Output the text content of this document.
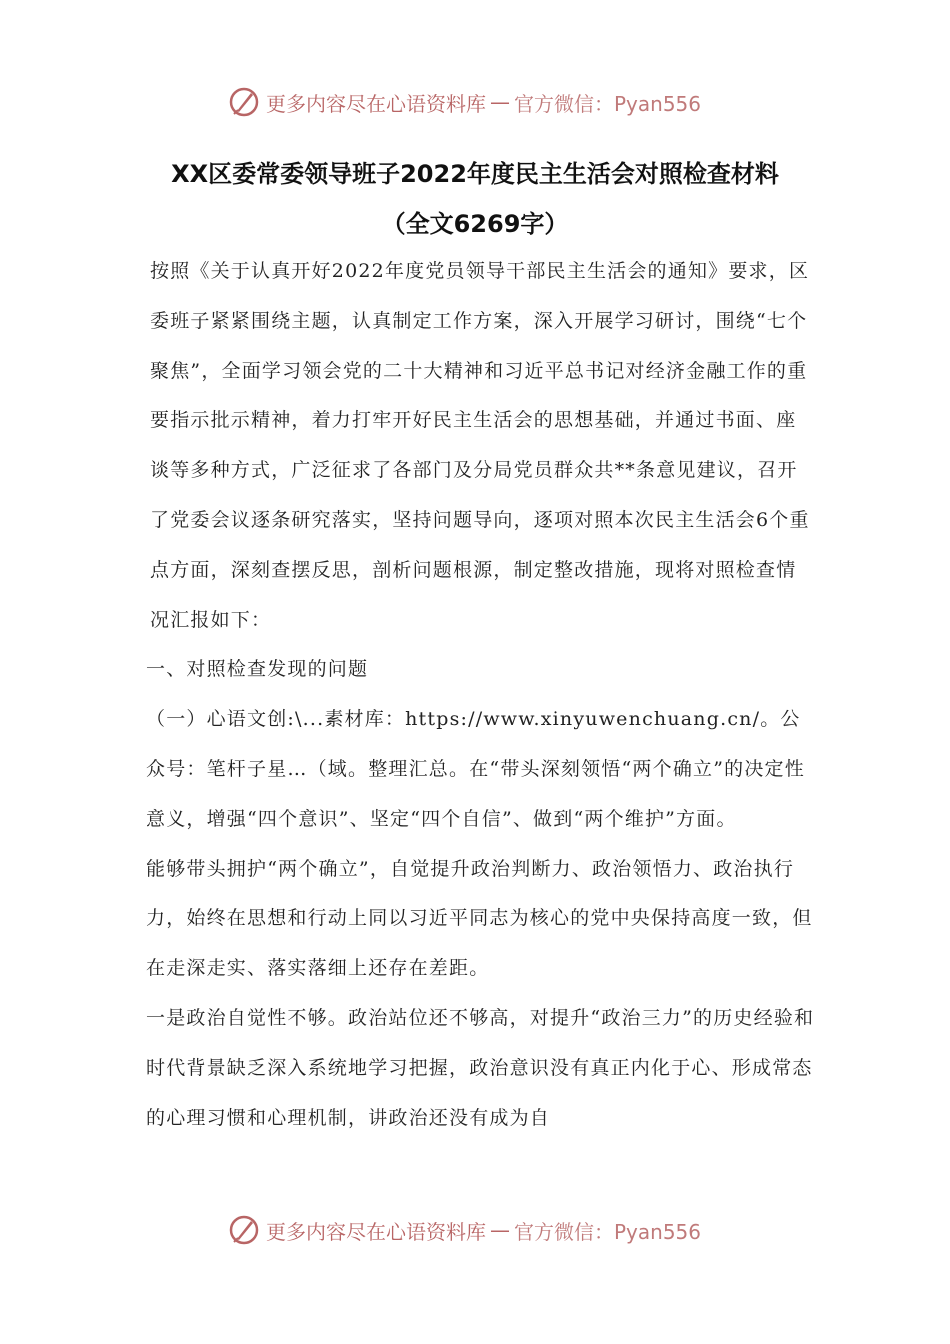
更多内容尽在心语资料库 — 官方微信：Pyan556
XX区委常委领导班子2022年度民主生活会对照检查材料
（全文6269字）

按照《关于认真开好2022年度党员领导干部民主生活会的通知》要求，区委班子紧紧围绕主题，认真制定工作方案，深入开展学习研讨，围绕“七个聚焦”，全面学习领会党的二十大精神和习近平总书记对经济金融工作的重要指示批示精神，着力打牢开好民主生活会的思想基础，并通过书面、座谈等多种方式，广泛征求了各部门及分局党员群众共**条意见建议，召开了党委会议逐条研究落实，坚持问题导向，逐项对照本次民主生活会6个重点方面，深刻查摆反思，剖析问题根源，制定整改措施，现将对照检查情况汇报如下：

一、对照检查发现的问题

（一）心语文创:\...素材库：https://www.xinyuwenchuang.cn/。公众号：笔杆子星…（域。整理汇总。在“带头深刻领悟“两个确立”的决定性意义，增强“四个意识”、坚定“四个自信”、做到“两个维护”方面。

能够带头拥护“两个确立”，自觉提升政治判断力、政治领悟力、政治执行力，始终在思想和行动上同以习近平同志为核心的党中央保持高度一致，但在走深走实、落实落细上还存在差距。

一是政治自觉性不够。政治站位还不够高，对提升“政治三力”的历史经验和时代背景缺乏深入系统地学习把握，政治意识没有真正内化于心、形成常态的心理习惯和心理机制，讲政治还没有成为自

更多内容尽在心语资料库 — 官方微信：Pyan556
